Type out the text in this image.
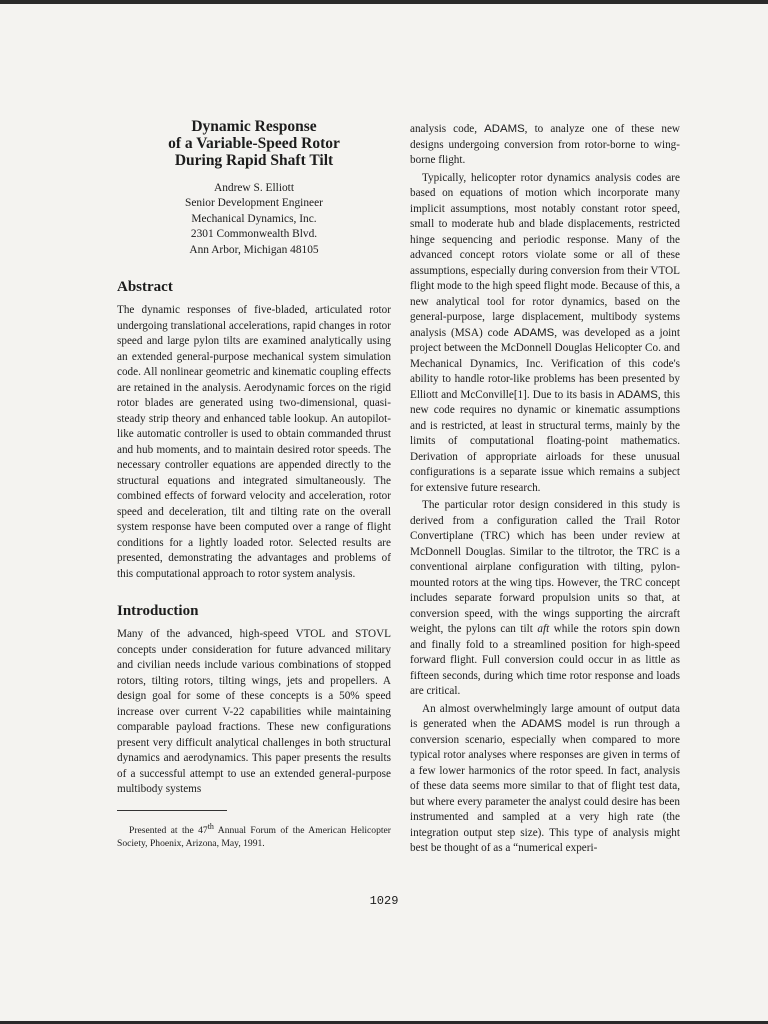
Dynamic Response
of a Variable-Speed Rotor
During Rapid Shaft Tilt

Andrew S. Elliott
Senior Development Engineer
Mechanical Dynamics, Inc.
2301 Commonwealth Blvd.
Ann Arbor, Michigan 48105
Abstract

The dynamic responses of five-bladed, articulated rotor undergoing translational accelerations, rapid changes in rotor speed and large pylon tilts are examined analytically using an extended general-purpose mechanical system simulation code. All nonlinear geometric and kinematic coupling effects are retained in the analysis. Aerodynamic forces on the rigid rotor blades are generated using two-dimensional, quasi-steady strip theory and enhanced table lookup. An autopilot-like automatic controller is used to obtain commanded thrust and hub moments, and to maintain desired rotor speeds. The necessary controller equations are appended directly to the structural equations and integrated simultaneously. The combined effects of forward velocity and acceleration, rotor speed and deceleration, tilt and tilting rate on the overall system response have been computed over a range of flight conditions for a lightly loaded rotor. Selected results are presented, demonstrating the advantages and problems of this computational approach to rotor system analysis.

Introduction

Many of the advanced, high-speed VTOL and STOVL concepts under consideration for future advanced military and civilian needs include various combinations of stopped rotors, tilting rotors, tilting wings, jets and propellers. A design goal for some of these concepts is a 50% speed increase over current V-22 capabilities while maintaining comparable payload fractions. These new configurations present very difficult analytical challenges in both structural dynamics and aerodynamics. This paper presents the results of a successful attempt to use an extended general-purpose multibody systems

Presented at the 47th Annual Forum of the American Helicopter Society, Phoenix, Arizona, May, 1991.

analysis code, ADAMS, to analyze one of these new designs undergoing conversion from rotor-borne to wing-borne flight.

Typically, helicopter rotor dynamics analysis codes are based on equations of motion which incorporate many implicit assumptions, most notably constant rotor speed, small to moderate hub and blade displacements, restricted hinge sequencing and periodic response. Many of the advanced concept rotors violate some or all of these assumptions, especially during conversion from their VTOL flight mode to the high speed flight mode. Because of this, a new analytical tool for rotor dynamics, based on the general-purpose, large displacement, multibody systems analysis (MSA) code ADAMS, was developed as a joint project between the McDonnell Douglas Helicopter Co. and Mechanical Dynamics, Inc. Verification of this code's ability to handle rotor-like problems has been presented by Elliott and McConville[1]. Due to its basis in ADAMS, this new code requires no dynamic or kinematic assumptions and is restricted, at least in structural terms, mainly by the limits of computational floating-point mathematics. Derivation of appropriate airloads for these unusual configurations is a separate issue which remains a subject for extensive future research.

The particular rotor design considered in this study is derived from a configuration called the Trail Rotor Convertiplane (TRC) which has been under review at McDonnell Douglas. Similar to the tiltrotor, the TRC is a conventional airplane configuration with tilting, pylon-mounted rotors at the wing tips. However, the TRC concept includes separate forward propulsion units so that, at conversion speed, with the wings supporting the aircraft weight, the pylons can tilt aft while the rotors spin down and finally fold to a streamlined position for high-speed forward flight. Full conversion could occur in as little as fifteen seconds, during which time rotor response and loads are critical.

An almost overwhelmingly large amount of output data is generated when the ADAMS model is run through a conversion scenario, especially when compared to more typical rotor analyses where responses are given in terms of a few lower harmonics of the rotor speed. In fact, analysis of these data seems more similar to that of flight test data, but where every parameter the analyst could desire has been instrumented and sampled at a very high rate (the integration output step size). This type of analysis might best be thought of as a “numerical experi-

1029
